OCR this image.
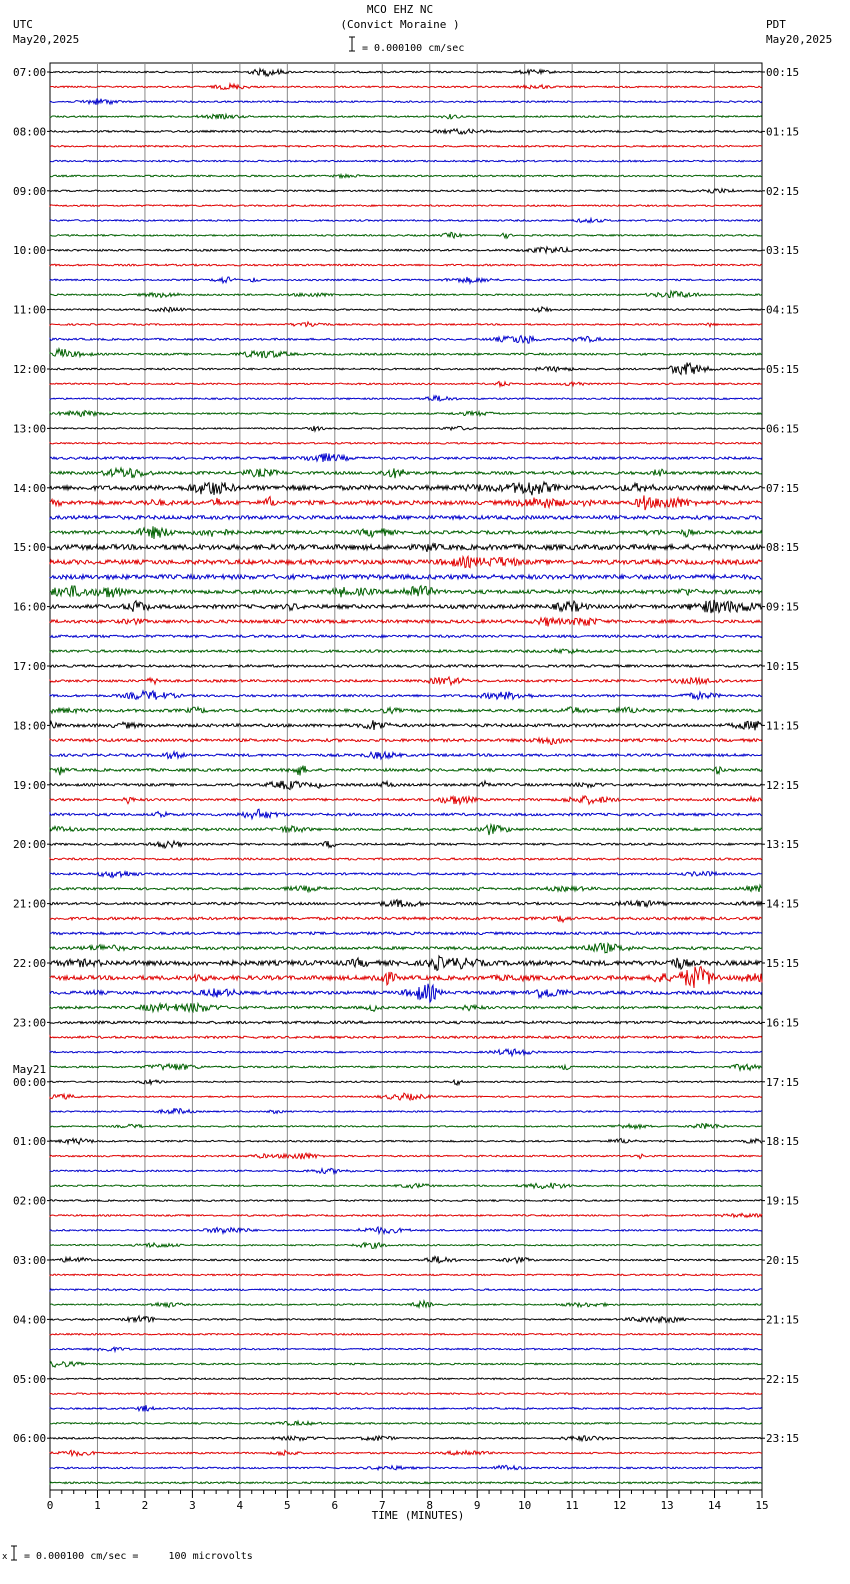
MCO EHZ NC
(Convict Moraine )

= 0.000100 cm/sec
UTC
May20,2025
PDT
May20,2025
0	1	2	3	4	5	6	7	8	9	10	11	12	13	14	15
07:00
08:00
09:00
10:00
11:00
12:00
13:00
14:00
15:00
16:00
17:00
18:00
19:00
20:00
21:00
22:00
23:00
May21
00:00
01:00
02:00
03:00
04:00
05:00
06:00
00:15
01:15
02:15
03:15
04:15
05:15
06:15
07:15
08:15
09:15
10:15
11:15
12:15
13:15
14:15
15:15
16:15
17:15
18:15
19:15
20:15
21:15
22:15
23:15
TIME (MINUTES)
x

= 0.000100 cm/sec =     100 microvolts
